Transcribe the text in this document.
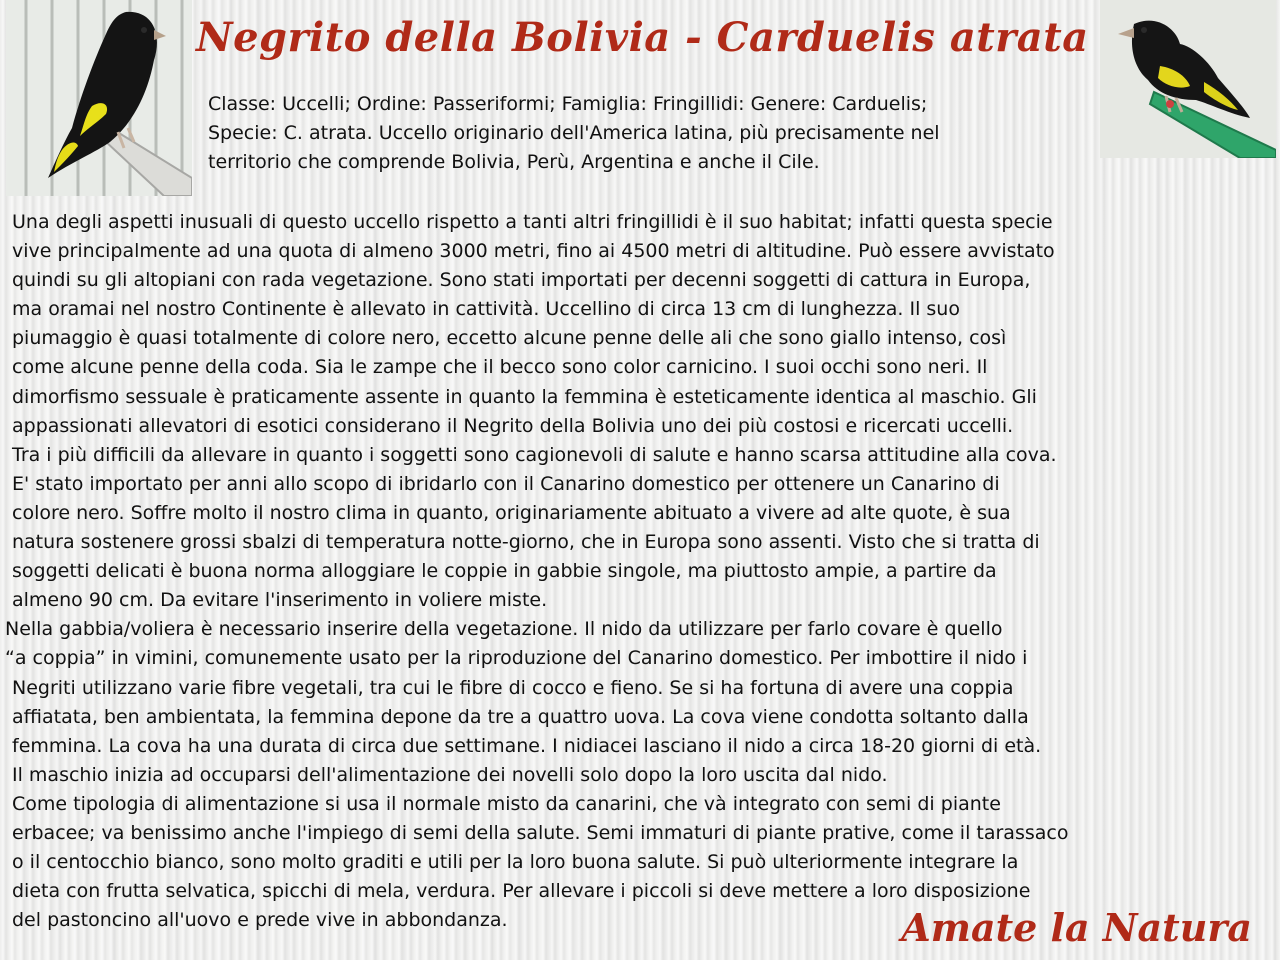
Negrito della Bolivia - Carduelis atrata
Classe: Uccelli; Ordine: Passeriformi; Famiglia: Fringillidi: Genere: Carduelis;
Specie: C. atrata. Uccello originario dell'America latina, più precisamente nel
territorio che comprende Bolivia, Perù, Argentina e anche il Cile.
Una degli aspetti inusuali di questo uccello rispetto a tanti altri fringillidi è il suo habitat; infatti questa specie
vive principalmente ad una quota di almeno 3000 metri, fino ai 4500 metri di altitudine. Può essere avvistato
quindi su gli altopiani con rada vegetazione. Sono stati importati per decenni soggetti di cattura in Europa,
ma oramai nel nostro Continente è allevato in cattività. Uccellino di circa 13 cm di lunghezza. Il suo
piumaggio è quasi totalmente di colore nero, eccetto alcune penne delle ali che sono giallo intenso, così
come alcune penne della coda. Sia le zampe che il becco sono color carnicino. I suoi occhi sono neri. Il
dimorfismo sessuale è praticamente assente in quanto la femmina è esteticamente identica al maschio. Gli
appassionati allevatori di esotici considerano il Negrito della Bolivia uno dei più costosi e ricercati uccelli.
Tra i più difficili da allevare in quanto i soggetti sono cagionevoli di salute e hanno scarsa attitudine alla cova.
E' stato importato per anni allo scopo di ibridarlo con il Canarino domestico per ottenere un Canarino di
colore nero. Soffre molto il nostro clima in quanto, originariamente abituato a vivere ad alte quote, è sua
natura sostenere grossi sbalzi di temperatura notte-giorno, che in Europa sono assenti. Visto che si tratta di
soggetti delicati è buona norma alloggiare le coppie in gabbie singole, ma piuttosto ampie, a partire da
almeno 90 cm. Da evitare l'inserimento in voliere miste.
Nella gabbia/voliera è necessario inserire della vegetazione. Il nido da utilizzare per farlo covare è quello
“a coppia” in vimini, comunemente usato per la riproduzione del Canarino domestico. Per imbottire il nido i
Negriti utilizzano varie fibre vegetali, tra cui le fibre di cocco e fieno. Se si ha fortuna di avere una coppia
affiatata, ben ambientata, la femmina depone da tre a quattro uova. La cova viene condotta soltanto dalla
femmina. La cova ha una durata di circa due settimane. I nidiacei lasciano il nido a circa 18-20 giorni di età.
Il maschio inizia ad occuparsi dell'alimentazione dei novelli solo dopo la loro uscita dal nido.
Come tipologia di alimentazione si usa il normale misto da canarini, che và integrato con semi di piante
erbacee; va benissimo anche l'impiego di semi della salute. Semi immaturi di piante prative, come il tarassaco
o il centocchio bianco, sono molto graditi e utili per la loro buona salute. Si può ulteriormente integrare la
dieta con frutta selvatica, spicchi di mela, verdura. Per allevare i piccoli si deve mettere a loro disposizione
del pastoncino all'uovo e prede vive in abbondanza.	Amate la Natura
